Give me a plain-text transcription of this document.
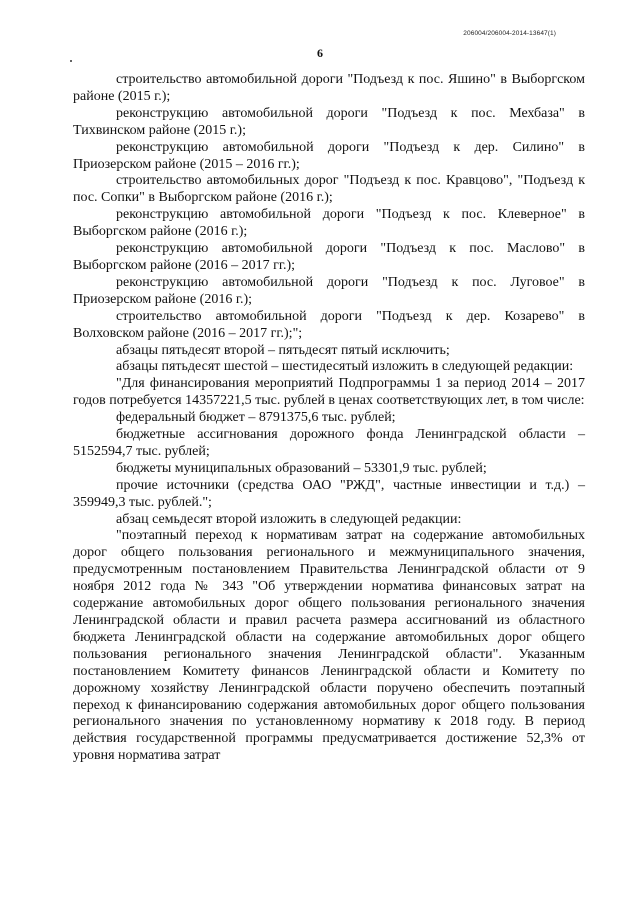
206004/206004-2014-13647(1)
6

строительство автомобильной дороги "Подъезд к пос. Яшино" в Выборгском районе (2015 г.);

реконструкцию автомобильной дороги "Подъезд к пос. Мехбаза" в Тихвинском районе (2015 г.);

реконструкцию автомобильной дороги "Подъезд к дер. Силино" в Приозерском районе (2015 – 2016 гг.);

строительство автомобильных дорог "Подъезд к пос. Кравцово", "Подъезд к пос. Сопки" в Выборгском районе (2016 г.);

реконструкцию автомобильной дороги "Подъезд к пос. Клеверное" в Выборгском районе (2016 г.);

реконструкцию автомобильной дороги "Подъезд к пос. Маслово" в Выборгском районе (2016 – 2017 гг.);

реконструкцию автомобильной дороги "Подъезд к пос. Луговое" в Приозерском районе (2016 г.);

строительство автомобильной дороги "Подъезд к дер. Козарево" в Волховском районе (2016 – 2017 гг.);";

абзацы пятьдесят второй – пятьдесят пятый исключить;

абзацы пятьдесят шестой – шестидесятый изложить в следующей редакции:

"Для финансирования мероприятий Подпрограммы 1 за период 2014 – 2017 годов потребуется 14357221,5 тыс. рублей в ценах соответствующих лет, в том числе:

федеральный бюджет – 8791375,6 тыс. рублей;

бюджетные ассигнования дорожного фонда Ленинградской области – 5152594,7 тыс. рублей;

бюджеты муниципальных образований – 53301,9 тыс. рублей;

прочие источники (средства ОАО "РЖД", частные инвестиции и т.д.) – 359949,3 тыс. рублей.";

абзац семьдесят второй изложить в следующей редакции:

"поэтапный переход к нормативам затрат на содержание автомобильных дорог общего пользования регионального и межмуниципального значения, предусмотренным постановлением Правительства Ленинградской области от 9 ноября 2012 года № 343 "Об утверждении норматива финансовых затрат на содержание автомобильных дорог общего пользования регионального значения Ленинградской области и правил расчета размера ассигнований из областного бюджета Ленинградской области на содержание автомобильных дорог общего пользования регионального значения Ленинградской области". Указанным постановлением Комитету финансов Ленинградской области и Комитету по дорожному хозяйству Ленинградской области поручено обеспечить поэтапный переход к финансированию содержания автомобильных дорог общего пользования регионального значения по установленному нормативу к 2018 году. В период действия государственной программы предусматривается достижение 52,3% от уровня норматива затрат
